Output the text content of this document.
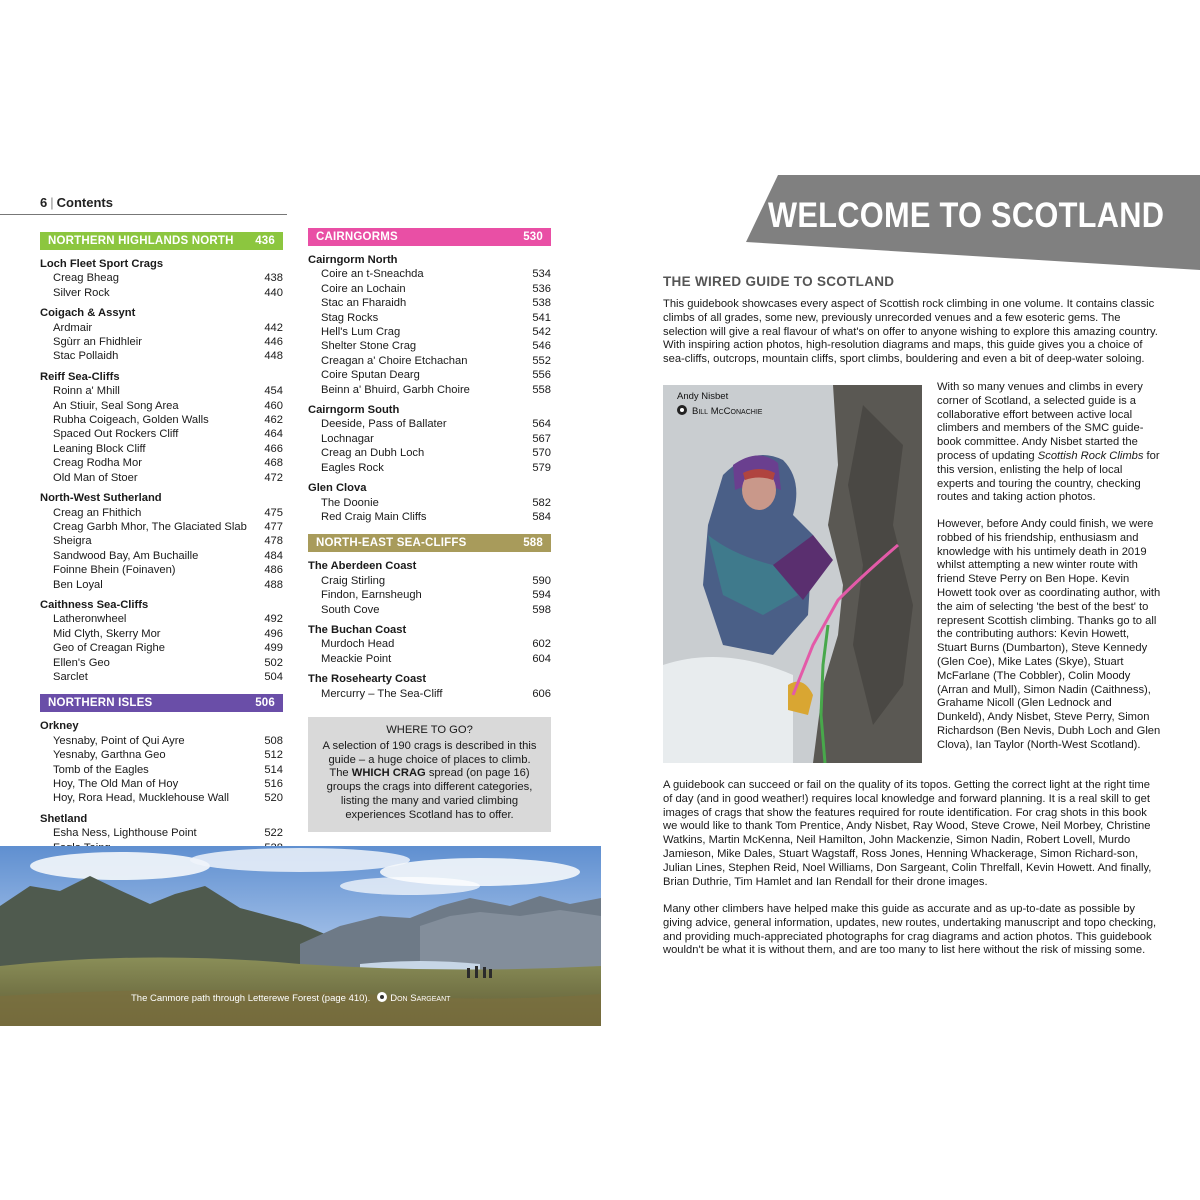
6 | Contents
NORTHERN HIGHLANDS NORTH 436
Loch Fleet Sport Crags
Creag Bheag	438
Silver Rock	440
Coigach & Assynt
Ardmair	442
Sgùrr an Fhidhleir	446
Stac Pollaidh	448
Reiff Sea-Cliffs
Roinn a' Mhill	454
An Stiuir, Seal Song Area	460
Rubha Coigeach, Golden Walls	462
Spaced Out Rockers Cliff	464
Leaning Block Cliff	466
Creag Rodha Mor	468
Old Man of Stoer	472
North-West Sutherland
Creag an Fhithich	475
Creag Garbh Mhor, The Glaciated Slab 477
Sheigra	478
Sandwood Bay, Am Buchaille	484
Foinne Bhein (Foinaven)	486
Ben Loyal	488
Caithness Sea-Cliffs
Latheronwheel	492
Mid Clyth, Skerry Mor	496
Geo of Creagan Righe	499
Ellen's Geo	502
Sarclet	504
NORTHERN ISLES	506
Orkney
Yesnaby, Point of Qui Ayre	508
Yesnaby, Garthna Geo	512
Tomb of the Eagles	514
Hoy, The Old Man of Hoy	516
Hoy, Rora Head, Mucklehouse Wall	520
Shetland
Esha Ness, Lighthouse Point	522
CAIRNGORMS	530
Cairngorm North
Coire an t-Sneachda	534
Coire an Lochain	536
Stac an Fharaidh	538
Stag Rocks	541
Hell's Lum Crag	542
Shelter Stone Crag	546
Creagan a' Choire Etchachan	552
Coire Sputan Dearg	556
Beinn a' Bhuird, Garbh Choire	558
Cairngorm South
Deeside, Pass of Ballater	564
Lochnagar	567
Creag an Dubh Loch	570
Eagles Rock	579
Glen Clova
The Doonie	582
Red Craig Main Cliffs	584
NORTH-EAST SEA-CLIFFS	588
The Aberdeen Coast
Craig Stirling	590
Findon, Earnsheugh	594
South Cove	598
The Buchan Coast
Murdoch Head	602
Meackie Point	604
The Rosehearty Coast
Mercurry – The Sea-Cliff	606
WHERE TO GO?
A selection of 190 crags is described in this guide – a huge choice of places to climb. The WHICH CRAG spread (on page 16) groups the crags into different categories, listing the many and varied climbing experiences Scotland has to offer.
The Canmore path through Letterewe Forest (page 410). Don Sargeant
WELCOME TO SCOTLAND
THE WIRED GUIDE TO SCOTLAND
This guidebook showcases every aspect of Scottish rock climbing in one volume. It contains classic climbs of all grades, some new, previously unrecorded venues and a few esoteric gems. The selection will give a real flavour of what's on offer to anyone wishing to explore this amazing country. With inspiring action photos, high-resolution diagrams and maps, this guide gives you a choice of sea-cliffs, outcrops, mountain cliffs, sport climbs, bouldering and even a bit of deep-water soloing.
Andy Nisbet
Bill McConachie
With so many venues and climbs in every corner of Scotland, a selected guide is a collaborative effort between active local climbers and members of the SMC guide-book committee. Andy Nisbet started the process of updating Scottish Rock Climbs for this version, enlisting the help of local experts and touring the country, checking routes and taking action photos.
However, before Andy could finish, we were robbed of his friendship, enthusiasm and knowledge with his untimely death in 2019 whilst attempting a new winter route with friend Steve Perry on Ben Hope. Kevin Howett took over as coordinating author, with the aim of selecting 'the best of the best' to represent Scottish climbing. Thanks go to all the contributing authors: Kevin Howett, Stuart Burns (Dumbarton), Steve Kennedy (Glen Coe), Mike Lates (Skye), Stuart McFarlane (The Cobbler), Colin Moody (Arran and Mull), Simon Nadin (Caithness), Grahame Nicoll (Glen Lednock and Dunkeld), Andy Nisbet, Steve Perry, Simon Richardson (Ben Nevis, Dubh Loch and Glen Clova), Ian Taylor (North-West Scotland).
A guidebook can succeed or fail on the quality of its topos. Getting the correct light at the right time of day (and in good weather!) requires local knowledge and forward planning. It is a real skill to get images of crags that show the features required for route identification. For crag shots in this book we would like to thank Tom Prentice, Andy Nisbet, Ray Wood, Steve Crowe, Neil Morbey, Christine Watkins, Martin McKenna, Neil Hamilton, John Mackenzie, Simon Nadin, Robert Lovell, Murdo Jamieson, Mike Dales, Stuart Wagstaff, Ross Jones, Henning Whackerage, Simon Richard-son, Julian Lines, Stephen Reid, Noel Williams, Don Sargeant, Colin Threlfall, Kevin Howett. And finally, Brian Duthrie, Tim Hamlet and Ian Rendall for their drone images.
Many other climbers have helped make this guide as accurate and as up-to-date as possible by giving advice, general information, updates, new routes, undertaking manuscript and topo checking, and providing much-appreciated photographs for crag diagrams and action photos. This guidebook wouldn't be what it is without them, and are too many to list here without the risk of missing some.
